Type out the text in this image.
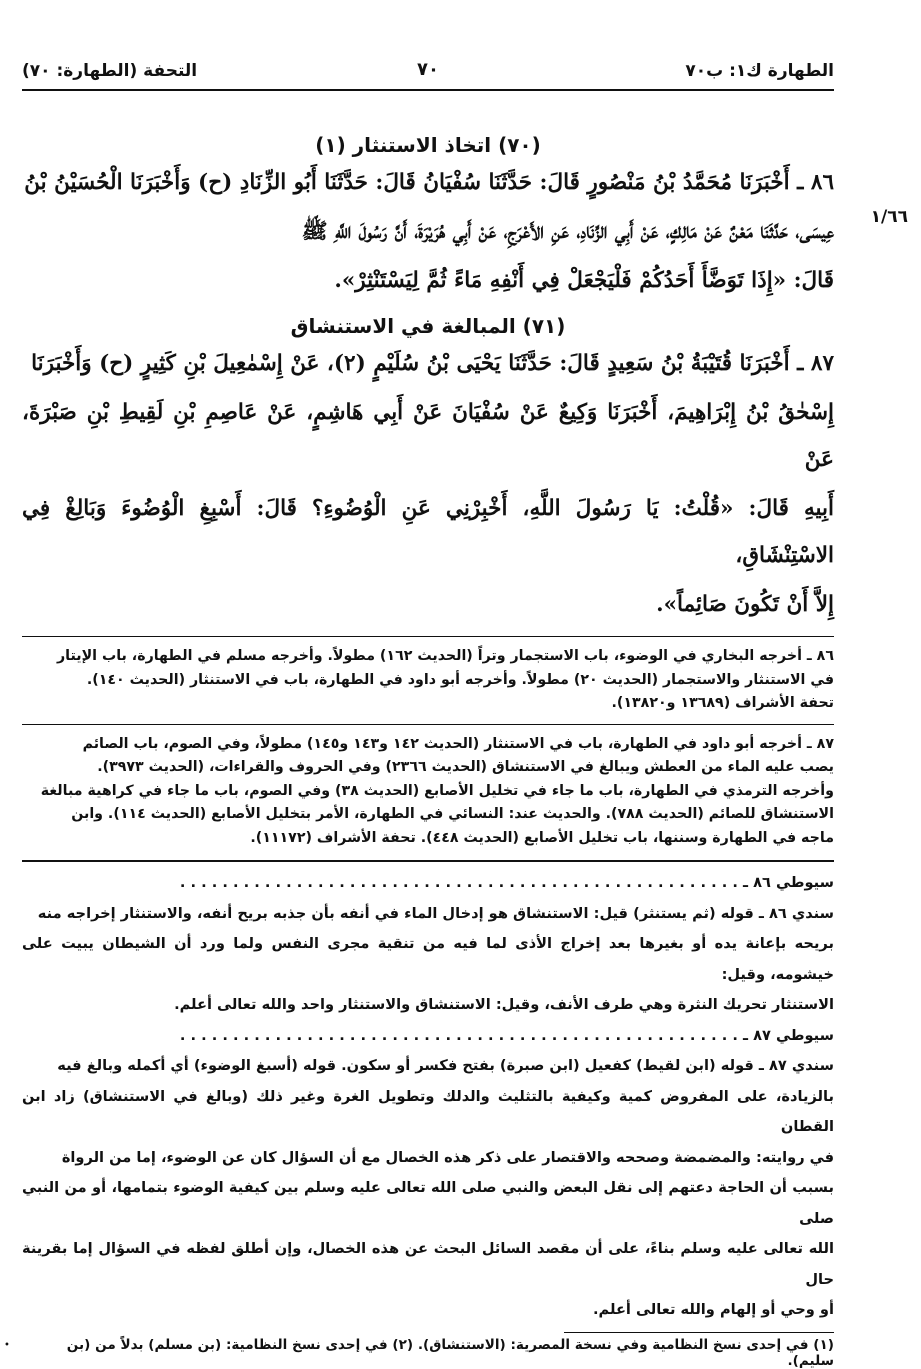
الطهارة ك١: ب٧٠
٧٠
التحفة (الطهارة: ٧٠)

(٧٠) اتخاذ الاستنثار (١)

١/٦٦

٨٦ ـ أَخْبَرَنَا مُحَمَّدُ بْنُ مَنْصُورٍ قَالَ: حَدَّثَنَا سُفْيَانُ قَالَ: حَدَّثَنَا أَبُو الزِّنَادِ (ح) وَأَخْبَرَنَا الْحُسَيْنُ بْنُ

عِيسَى، حَدَّثَنَا مَعْنٌ عَنْ مَالِكٍ، عَنْ أَبِي الزِّنَادِ، عَنِ الأَعْرَجِ، عَنْ أَبِي هُرَيْرَةَ، أَنَّ رَسُولَ اللَّهِ ﷺ

قَالَ: «إِذَا تَوَضَّأَ أَحَدُكُمْ فَلْيَجْعَلْ فِي أَنْفِهِ مَاءً ثُمَّ لِيَسْتَنْثِرْ».

(٧١) المبالغة في الاستنشاق

٨٧ ـ أَخْبَرَنَا قُتَيْبَةُ بْنُ سَعِيدٍ قَالَ: حَدَّثَنَا يَحْيَى بْنُ سُلَيْمٍ (٢)، عَنْ إِسْمٰعِيلَ بْنِ كَثِيرٍ (ح) وَأَخْبَرَنَا

إِسْحٰقُ بْنُ إِبْرَاهِيمَ، أَخْبَرَنَا وَكِيعٌ عَنْ سُفْيَانَ عَنْ أَبِي هَاشِمٍ، عَنْ عَاصِمِ بْنِ لَقِيطِ بْنِ صَبْرَةَ، عَنْ

أَبِيهِ قَالَ: «قُلْتُ: يَا رَسُولَ اللَّهِ، أَخْبِرْنِي عَنِ الْوُضُوءِ؟ قَالَ: أَسْبِغِ الْوُضُوءَ وَبَالِغْ فِي الاسْتِنْشَاقِ،

إِلاَّ أَنْ تَكُونَ صَائِماً».

٨٦ ـ أخرجه البخاري في الوضوء، باب الاستجمار وتراً (الحديث ١٦٢) مطولاً. وأخرجه مسلم في الطهارة، باب الإيتار

في الاستنثار والاستجمار (الحديث ٢٠) مطولاً. وأخرجه أبو داود في الطهارة، باب في الاستنثار (الحديث ١٤٠).

تحفة الأشراف (١٣٦٨٩ و١٣٨٢٠).

٨٧ ـ أخرجه أبو داود في الطهارة، باب في الاستنثار (الحديث ١٤٢ و١٤٣ و١٤٥) مطولاً، وفي الصوم، باب الصائم

يصب عليه الماء من العطش ويبالغ في الاستنشاق (الحديث ٢٣٦٦) وفي الحروف والقراءات، (الحديث ٣٩٧٣).

وأخرجه الترمذي في الطهارة، باب ما جاء في تخليل الأصابع (الحديث ٣٨) وفي الصوم، باب ما جاء في كراهية مبالغة

الاستنشاق للصائم (الحديث ٧٨٨). والحديث عند: النسائي في الطهارة، الأمر بتخليل الأصابع (الحديث ١١٤). وابن

ماجه في الطهارة وسننها، باب تخليل الأصابع (الحديث ٤٤٨). تحفة الأشراف (١١١٧٢).

سيوطي ٨٦ ـ . . . . . . . . . . . . . . . . . . . . . . . . . . . . . . . . . . . . . . . . . . . . . . . . . . . . .

سندي ٨٦ ـ قوله (ثم يستنثر) قيل: الاستنشاق هو إدخال الماء في أنفه بأن جذبه بريح أنفه، والاستنثار إخراجه منه

بريحه بإعانة يده أو بغيرها بعد إخراج الأذى لما فيه من تنقية مجرى النفس ولما ورد أن الشيطان يبيت على خيشومه، وقيل:

الاستنثار تحريك النثرة وهي طرف الأنف، وقيل: الاستنشاق والاستنثار واحد والله تعالى أعلم.

سيوطي ٨٧ ـ . . . . . . . . . . . . . . . . . . . . . . . . . . . . . . . . . . . . . . . . . . . . . . . . . . . . .

سندي ٨٧ ـ قوله (ابن لقيط) كفعيل (ابن صبرة) بفتح فكسر أو سكون. قوله (أسبغ الوضوء) أي أكمله وبالغ فيه

بالزيادة، على المفروض كمية وكيفية بالتثليث والدلك وتطويل الغرة وغير ذلك (وبالغ في الاستنشاق) زاد ابن القطان

في روايته: والمضمضة وصححه والاقتصار على ذكر هذه الخصال مع أن السؤال كان عن الوضوء، إما من الرواة

بسبب أن الحاجة دعتهم إلى نقل البعض والنبي صلى الله تعالى عليه وسلم بين كيفية الوضوء بتمامها، أو من النبي صلى

الله تعالى عليه وسلم بناءً، على أن مقصد السائل البحث عن هذه الخصال، وإن أطلق لفظه في السؤال إما بقرينة حال

أو وحي أو إلهام والله تعالى أعلم.

(١) في إحدى نسخ النظامية وفي نسخة المصرية: (الاستنشاق). (٢) في إحدى نسخ النظامية: (بن مسلم) بدلاً من (بن سليم).

•
